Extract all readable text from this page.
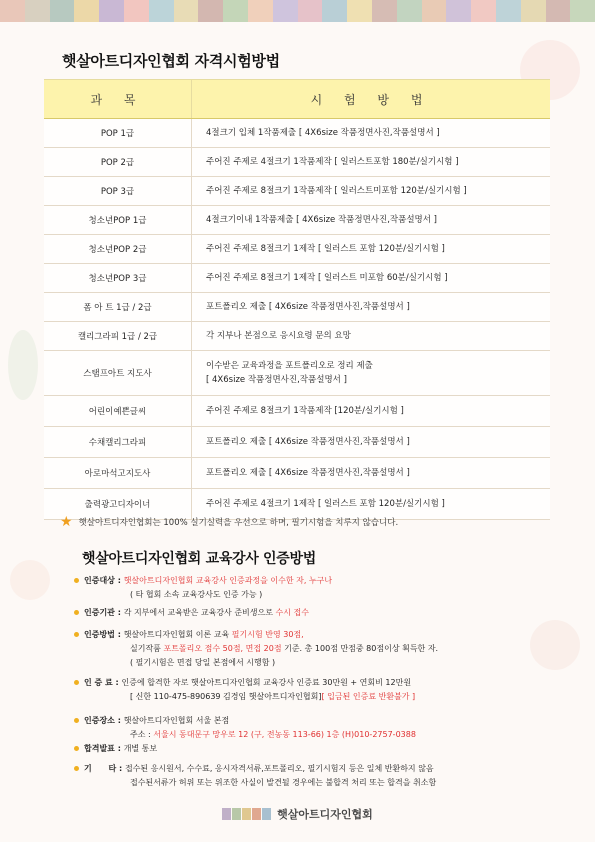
햇살아트디자인협회 자격시험방법
과 목	시 험 방 법
POP 1급	4절크기 입체 1작품제출 [ 4X6size 작품정면사진,작품설명서 ]

POP 2급	주어진 주제로 4절크기 1작품제작 [ 일러스트포함 180분/실기시험 ]

POP 3급	주어진 주제로 8절크기 1작품제작 [ 일러스트미포함 120분/실기시험 ]

청소년POP 1급	4절크기이내 1작품제출 [ 4X6size 작품정면사진,작품설명서 ]

청소년POP 2급	주어진 주제로 8절크기 1제작 [ 일러스트 포함 120분/실기시험 ]

청소년POP 3급	주어진 주제로 8절크기 1제작 [ 일러스트 미포함 60분/실기시험 ]

폼 아 트 1급 / 2급	포트폴리오 제출 [ 4X6size 작품정면사진,작품설명서 ]

캘리그라피 1급 / 2급	각 지부나 본점으로 응시요령 문의 요망

스탬프아트 지도사	이수받은 교육과정을 포트폴리오로 정리 제출
[ 4X6size 작품정면사진,작품설명서 ]

어린이예쁜글씨	주어진 주제로 8절크기 1작품제작 [120분/실기시험 ]

수채캘리그라피	포트폴리오 제출 [ 4X6size 작품정면사진,작품설명서 ]

아로마석고지도사	포트폴리오 제출 [ 4X6size 작품정면사진,작품설명서 ]

출력광고디자이너	주어진 주제로 4절크기 1제작 [ 일러스트 포함 120분/실기시험 ]
★ 햇살아트디자인협회는 100% 실기실력을 우선으로 하며, 필기시험을 치루지 않습니다.
햇살아트디자인협회 교육강사 인증방법
인증대상 : 햇살아트디자인협회 교육강사 인증과정을 이수한 자, 누구나
( 타 협회 소속 교육강사도 인증 가능 )
인증기관 : 각 지부에서 교육받은 교육강사 준비생으로 수시 접수
인증방법 : 햇살아트디자인협회 이론 교육 필기시험 반영 30점,
실기작품 포트폴리오 점수 50점, 면접 20점 기준. 총 100점 만점중 80점이상 획득한 자.
( 필기시험은 면접 당일 본점에서 시행함 )
인 증 료 : 인증에 합격한 자로 햇살아트디자인협회 교육강사 인증료 30만원 + 연회비 12만원
[ 신한 110-475-890639 김경임 햇살아트디자인협회] [ 입금된 인증료 반환불가 ]
인증장소 : 햇살아트디자인협회 서울 본점
주소 : 서울시 동대문구 망우로 12 (구, 전농동 113-66) 1층 (H)010-2757-0388
합격발표 : 개별 통보
기      타 : 접수된 응시원서, 수수료, 응시자격서류,포트폴리오, 필기시험지 등은 일체 반환하지 않음
접수된서류가 허위 또는 위조한 사실이 발견될 경우에는 불합격 처리 또는 합격을 취소함
햇살아트디자인협회
